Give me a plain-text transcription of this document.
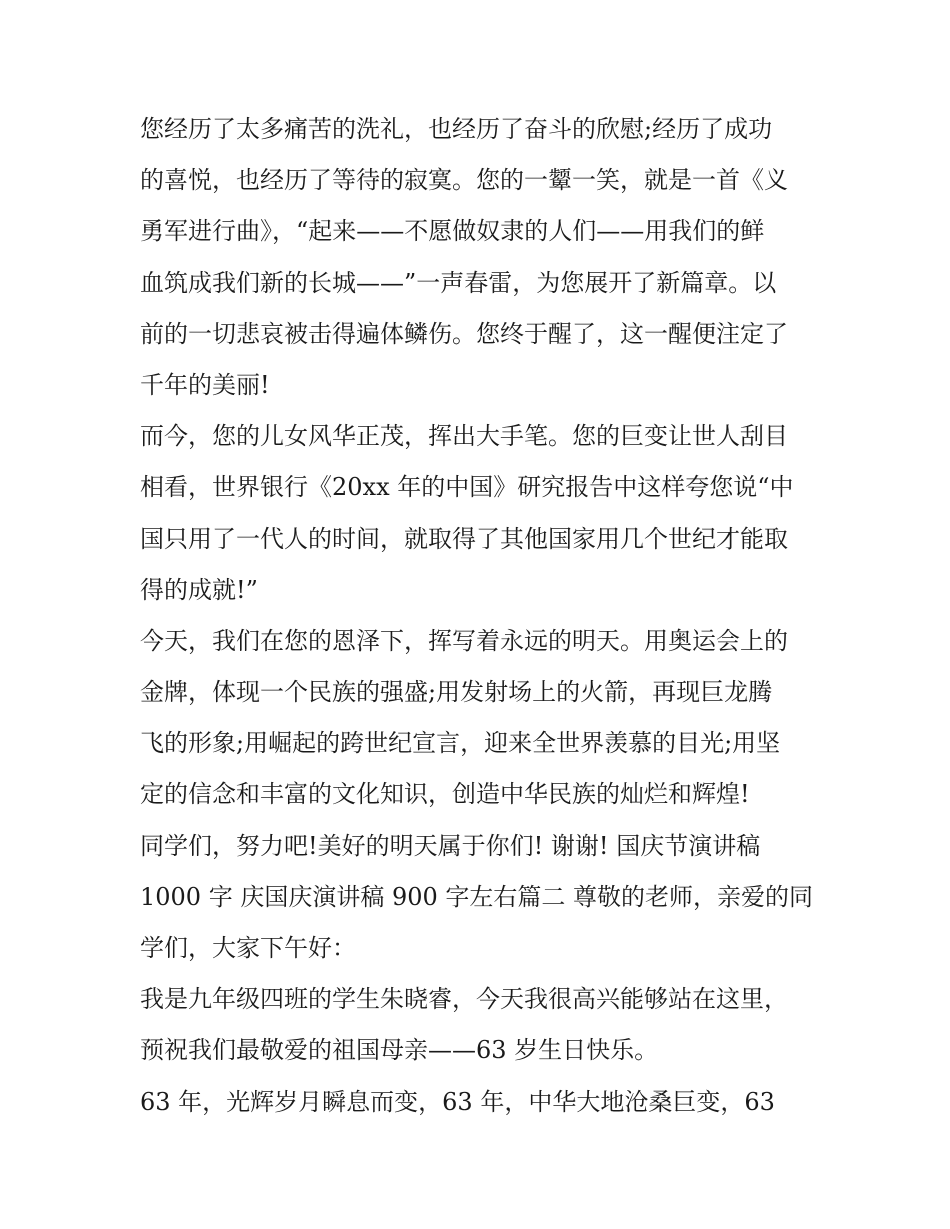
您经历了太多痛苦的洗礼，也经历了奋斗的欣慰;经历了成功
的喜悦，也经历了等待的寂寞。您的一颦一笑，就是一首《义
勇军进行曲》，“起来——不愿做奴隶的人们——用我们的鲜
血筑成我们新的长城——”一声春雷，为您展开了新篇章。以
前的一切悲哀被击得遍体鳞伤。您终于醒了，这一醒便注定了
千年的美丽!
而今，您的儿女风华正茂，挥出大手笔。您的巨变让世人刮目
相看，世界银行《20xx 年的中国》研究报告中这样夸您说“中
国只用了一代人的时间，就取得了其他国家用几个世纪才能取
得的成就!”
今天，我们在您的恩泽下，挥写着永远的明天。用奥运会上的
金牌，体现一个民族的强盛;用发射场上的火箭，再现巨龙腾
飞的形象;用崛起的跨世纪宣言，迎来全世界羡慕的目光;用坚
定的信念和丰富的文化知识，创造中华民族的灿烂和辉煌!
同学们，努力吧!美好的明天属于你们! 谢谢! 国庆节演讲稿
1000 字 庆国庆演讲稿 900 字左右篇二 尊敬的老师，亲爱的同
学们，大家下午好：
我是九年级四班的学生朱晓睿，今天我很高兴能够站在这里，
预祝我们最敬爱的祖国母亲——63 岁生日快乐。
63 年，光辉岁月瞬息而变，63 年，中华大地沧桑巨变，63
